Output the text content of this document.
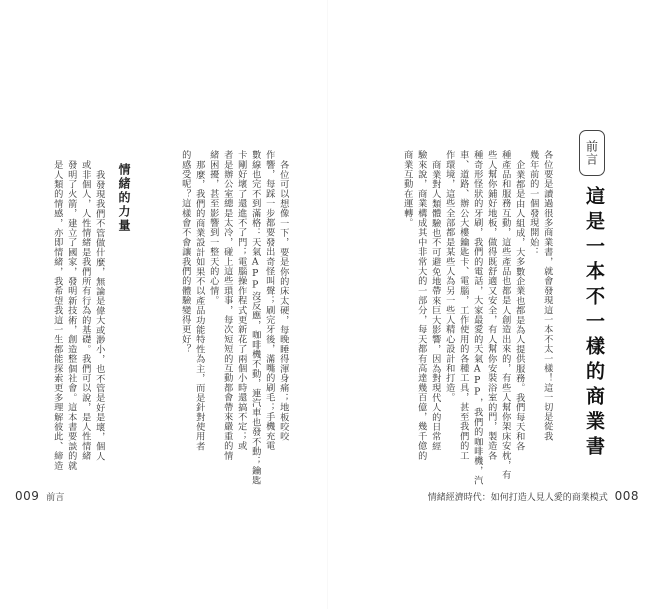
前言
這是一本不一樣的商業書
各位要是讀過很多商業書，就會發現這一本不太一樣！這一切是從我
幾年前的一個發現開始：
企業都是由人組成，大多數企業也都是為人提供服務。我們每天和各
種產品和服務互動，這些產品也都是人創造出來的，有些人幫你架床安枕，有
些人幫你鋪好地板，做得既舒適又安全，有人幫你安裝浴室的門，製造各
種奇形怪狀的牙刷，我們的電話，大家最愛的天氣APP，我們的咖啡機，汽
車、道路、辦公大樓鑰匙卡、電腦，工作使用的各種工具，甚至我們的工
作環境，這些全部都是某些人為另一些人精心設計和打造。
商業對人類體驗也不可避免地帶來巨大影響，因為對現代人的日常經
驗來說，商業構成其中非常大的一部分，每天都有高達幾百億，幾千億的
商業互動在運轉。
情緒經濟時代：如何打造人見人愛的商業模式 008
各位可以想像一下，要是你的床太硬，每晚睡得渾身痛；地板咬咬
作響，每踩一步都要發出奇怪叫聲；刷完牙後，滿嘴的刷毛；手機充電
數線也完不到滿格：天氣APP沒反應，咖啡機不動，連汽車也發不動；鑰匙
卡剛好壞了還進不了門；電腦操作程式更新花了兩個小時還搞不定；或
者是辦公室總是太冷，碰上這些瑣事，每次短短的互動都會帶來嚴重的情
緒困擾，甚至影響到一整天的心情。
那麼，我們的商業設計如果不以產品功能特性為主，而是針對使用者
的感受呢？這樣會不會讓我們的體驗變得更好？
情緒的力量
我發現我們不管做什麼，無論是偉大或渺小，也不管是好是壞，個人
或非個人，人性情緒是我們所有行為的基礎。我們可以說，是人性情緒
發明了火箭，建立了國家，發明新技術，創造整個社會。這本書要談的就
是人類的情感，亦即情緒，我希望我這一生都能探索更多理解彼此、締造
009 前言
